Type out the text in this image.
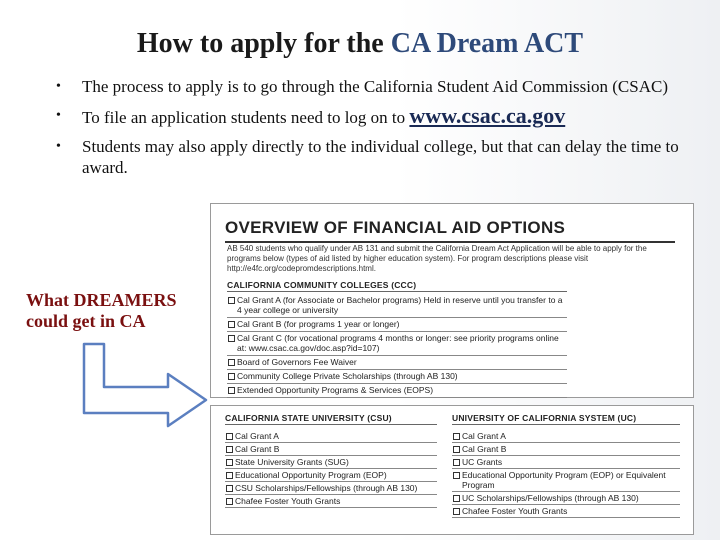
How to apply for the CA Dream ACT
• The process to apply is to go through the California Student Aid Commission (CSAC)
• To file an application students need to log on to www.csac.ca.gov
• Students may also apply directly to the individual college, but that can delay the time to award.
What DREAMERS could get in CA
OVERVIEW OF FINANCIAL AID OPTIONS
AB 540 students who qualify under AB 131 and submit the California Dream Act Application will be able to apply for the programs below (types of aid listed by higher education system). For program descriptions please visit http://e4fc.org/codepromdescriptions.html.
CALIFORNIA COMMUNITY COLLEGES (CCC)
Cal Grant A (for Associate or Bachelor programs) Held in reserve until you transfer to a 4 year college or university
Cal Grant B (for programs 1 year or longer)
Cal Grant C (for vocational programs 4 months or longer: see priority programs online at: www.csac.ca.gov/doc.asp?id=107)
Board of Governors Fee Waiver
Community College Private Scholarships (through AB 130)
Extended Opportunity Programs & Services (EOPS)
CALIFORNIA STATE UNIVERSITY (CSU)
Cal Grant A
Cal Grant B
State University Grants (SUG)
Educational Opportunity Program (EOP)
CSU Scholarships/Fellowships (through AB 130)
Chafee Foster Youth Grants
UNIVERSITY OF CALIFORNIA SYSTEM (UC)
Cal Grant A
Cal Grant B
UC Grants
Educational Opportunity Program (EOP) or Equivalent Program
UC Scholarships/Fellowships (through AB 130)
Chafee Foster Youth Grants
